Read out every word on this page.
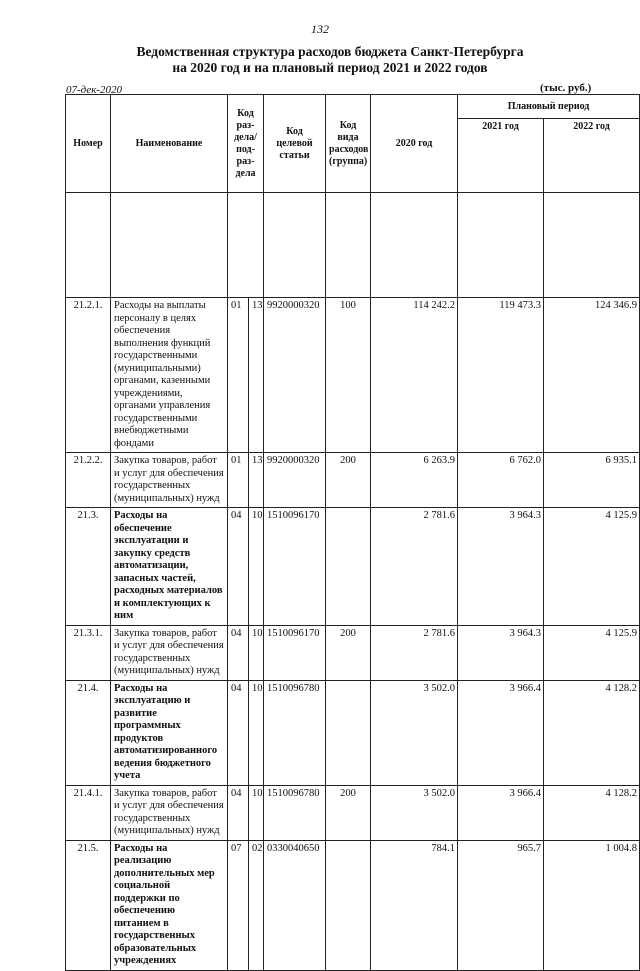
132
Ведомственная структура расходов бюджета Санкт-Петербурга
на 2020 год и на плановый период 2021 и 2022 годов
07-дек-2020	(тыс. руб.)
Номер	Наименование	Код раз-дела/ под-раз-дела		Код целевой статьи	Код вида расходов (группа)	2020 год	Плановый период	
							2021 год	2022 год

21.2.1.	Расходы на выплаты персоналу в целях обеспечения выполнения функций государственными (муниципальными) органами, казенными учреждениями, органами управления государственными внебюджетными фондами	01	13	9920000320	100	114 242.2	119 473.3	124 346.9
21.2.2.	Закупка товаров, работ и услуг для обеспечения государственных (муниципальных) нужд	01	13	9920000320	200	6 263.9	6 762.0	6 935.1
21.3.	Расходы на обеспечение эксплуатации и закупку средств автоматизации, запасных частей, расходных материалов и комплектующих к ним	04	10	1510096170		2 781.6	3 964.3	4 125.9
21.3.1.	Закупка товаров, работ и услуг для обеспечения государственных (муниципальных) нужд	04	10	1510096170	200	2 781.6	3 964.3	4 125.9
21.4.	Расходы на эксплуатацию и развитие программных продуктов автоматизированного ведения бюджетного учета	04	10	1510096780		3 502.0	3 966.4	4 128.2
21.4.1.	Закупка товаров, работ и услуг для обеспечения государственных (муниципальных) нужд	04	10	1510096780	200	3 502.0	3 966.4	4 128.2
21.5.	Расходы на реализацию дополнительных мер социальной поддержки по обеспечению питанием в государственных образовательных учреждениях	07	02	0330040650		784.1	965.7	1 004.8
